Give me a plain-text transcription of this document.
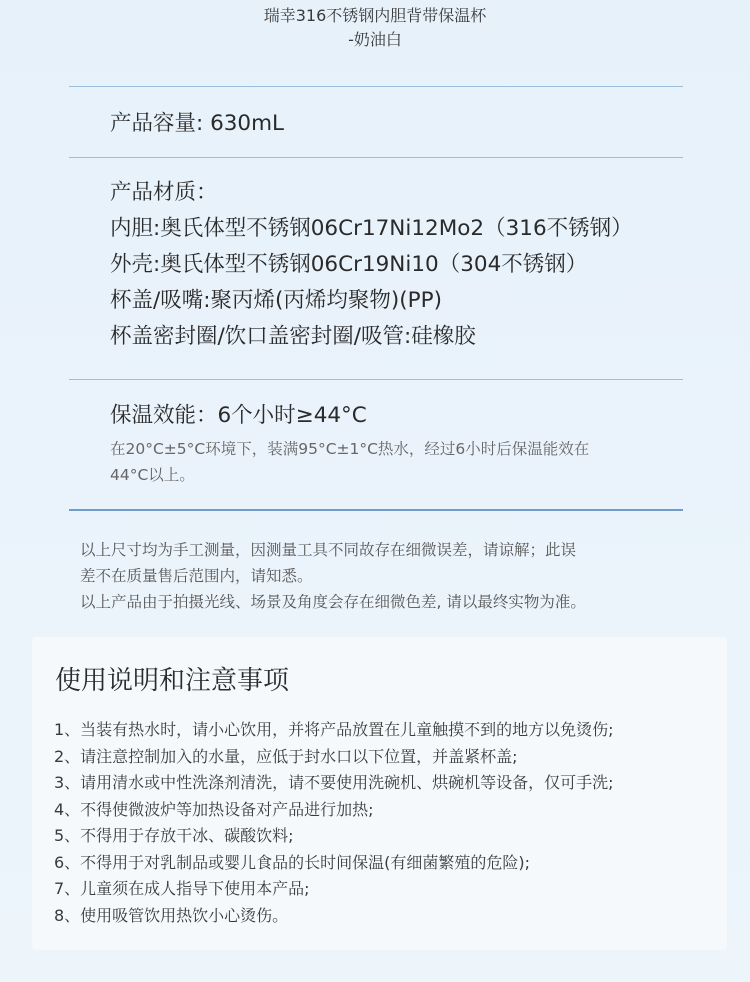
瑞幸316不锈钢内胆背带保温杯
-奶油白
产品容量: 630mL
产品材质：
内胆:奥氏体型不锈钢06Cr17Ni12Mo2（316不锈钢）
外壳:奥氏体型不锈钢06Cr19Ni10（304不锈钢）
杯盖/吸嘴:聚丙烯(丙烯均聚物)(PP)
杯盖密封圈/饮口盖密封圈/吸管:硅橡胶
保温效能：6个小时≥44°C
在20°C±5°C环境下，装满95°C±1°C热水，经过6小时后保温能效在
44°C以上。
以上尺寸均为手工测量，因测量工具不同故存在细微误差，请谅解；此误
差不在质量售后范围内，请知悉。
以上产品由于拍摄光线、场景及角度会存在细微色差, 请以最终实物为准。
使用说明和注意事项
1、当装有热水时，请小心饮用，并将产品放置在儿童触摸不到的地方以免烫伤;
2、请注意控制加入的水量，应低于封水口以下位置，并盖紧杯盖;
3、请用清水或中性洗涤剂清洗，请不要使用洗碗机、烘碗机等设备，仅可手洗;
4、不得使微波炉等加热设备对产品进行加热;
5、不得用于存放干冰、碳酸饮料;
6、不得用于对乳制品或婴儿食品的长时间保温(有细菌繁殖的危险);
7、儿童须在成人指导下使用本产品;
8、使用吸管饮用热饮小心烫伤。
